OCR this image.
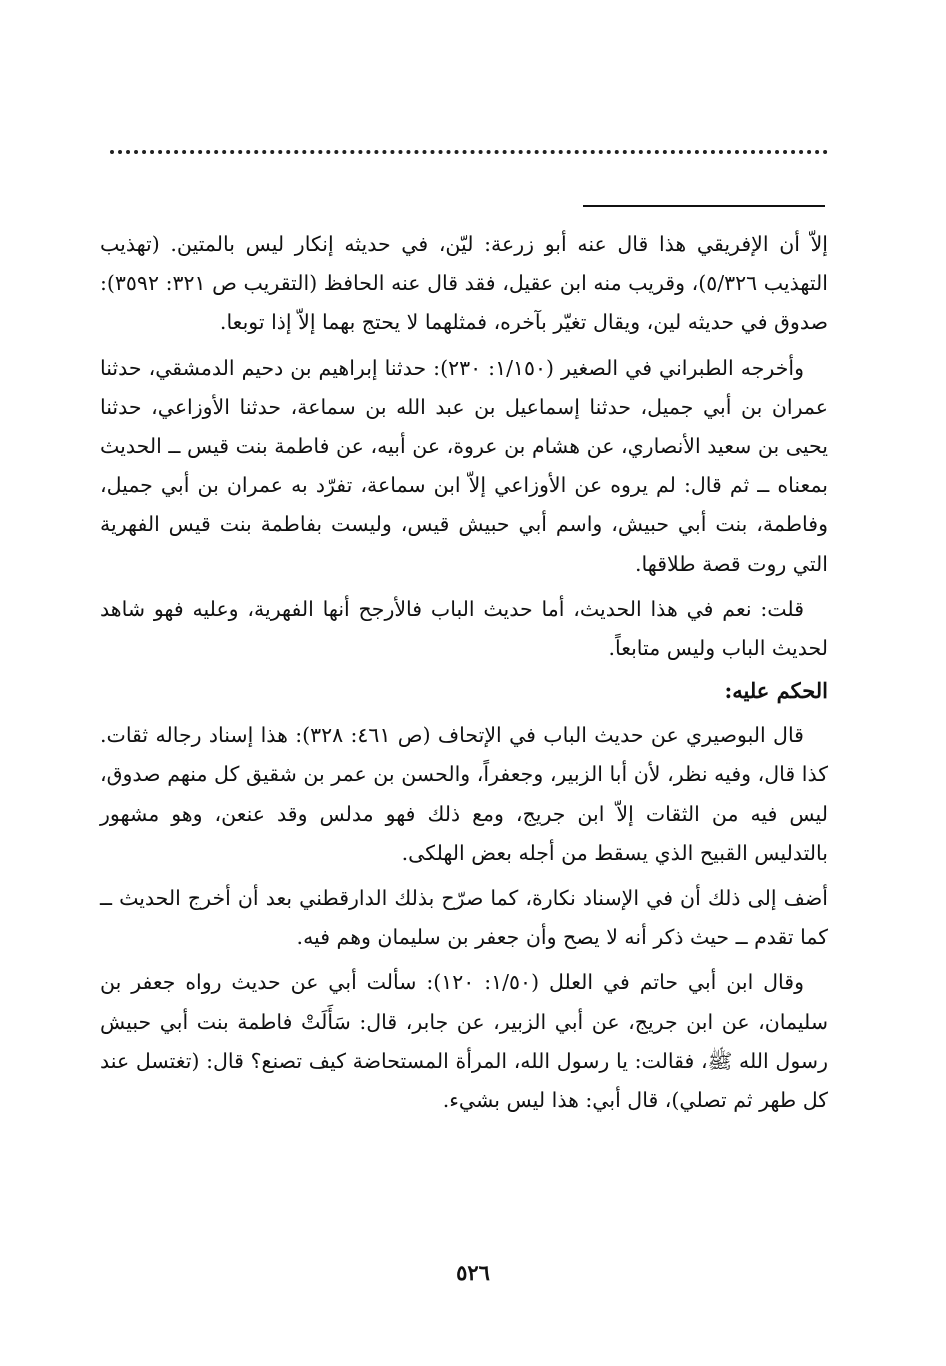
إلاّ أن الإفريقي هذا قال عنه أبو زرعة: ليّن، في حديثه إنكار ليس بالمتين. (تهذيب التهذيب ٥/٣٢٦)، وقريب منه ابن عقيل، فقد قال عنه الحافظ (التقريب ص ٣٢١: ٣٥٩٢): صدوق في حديثه لين، ويقال تغيّر بآخره، فمثلهما لا يحتج بهما إلاّ إذا توبعا.

وأخرجه الطبراني في الصغير (١/١٥٠: ٢٣٠): حدثنا إبراهيم بن دحيم الدمشقي، حدثنا عمران بن أبي جميل، حدثنا إسماعيل بن عبد الله بن سماعة، حدثنا الأوزاعي، حدثنا يحيى بن سعيد الأنصاري، عن هشام بن عروة، عن أبيه، عن فاطمة بنت قيس ــ الحديث بمعناه ــ ثم قال: لم يروه عن الأوزاعي إلاّ ابن سماعة، تفرّد به عمران بن أبي جميل، وفاطمة، بنت أبي حبيش، واسم أبي حبيش قيس، وليست بفاطمة بنت قيس الفهرية التي روت قصة طلاقها.

قلت: نعم في هذا الحديث، أما حديث الباب فالأرجح أنها الفهرية، وعليه فهو شاهد لحديث الباب وليس متابعاً.

الحكم عليه:

قال البوصيري عن حديث الباب في الإتحاف (ص ٤٦١: ٣٢٨): هذا إسناد رجاله ثقات. كذا قال، وفيه نظر، لأن أبا الزبير، وجعفراً، والحسن بن عمر بن شقيق كل منهم صدوق، ليس فيه من الثقات إلاّ ابن جريج، ومع ذلك فهو مدلس وقد عنعن، وهو مشهور بالتدليس القبيح الذي يسقط من أجله بعض الهلكى.

أضف إلى ذلك أن في الإسناد نكارة، كما صرّح بذلك الدارقطني بعد أن أخرج الحديث ــ كما تقدم ــ حيث ذكر أنه لا يصح وأن جعفر بن سليمان وهم فيه.

وقال ابن أبي حاتم في العلل (١/٥٠: ١٢٠): سألت أبي عن حديث رواه جعفر بن سليمان، عن ابن جريج، عن أبي الزبير، عن جابر، قال: سَأَلَتْ فاطمة بنت أبي حبيش رسول الله ﷺ، فقالت: يا رسول الله، المرأة المستحاضة كيف تصنع؟ قال: (تغتسل عند كل طهر ثم تصلي)، قال أبي: هذا ليس بشيء.

٥٢٦
